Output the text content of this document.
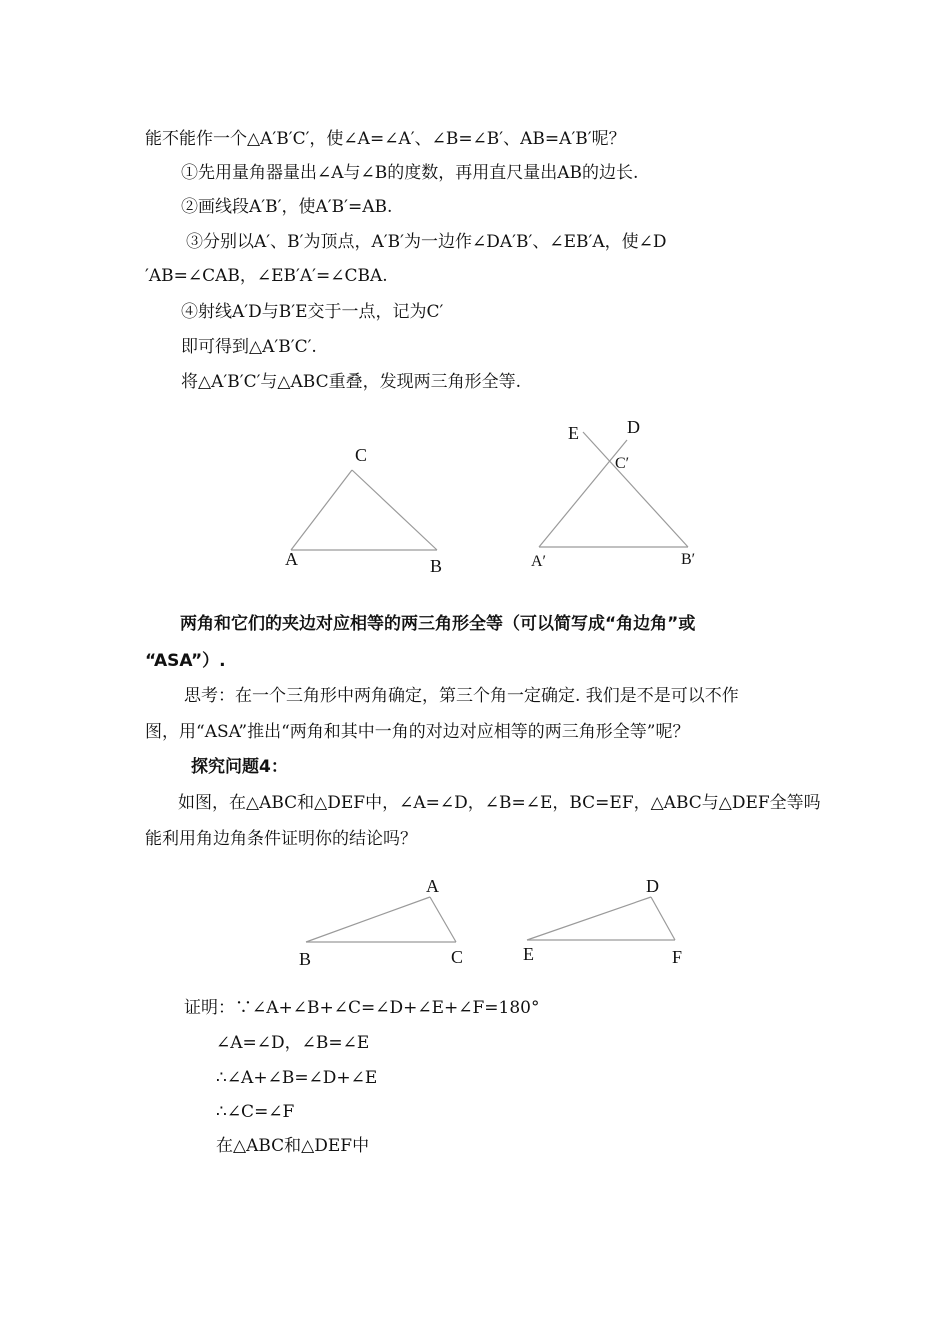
能不能作一个△A′B′C′，使∠A=∠A′、∠B=∠B′、AB=A′B′呢？
①先用量角器量出∠A与∠B的度数，再用直尺量出AB的边长.
②画线段A′B′，使A′B′=AB.
③分别以A′、B′为顶点，A′B′为一边作∠DA′B′、∠EB′A，使∠D
′AB=∠CAB，∠EB′A′=∠CBA.
④射线A′D与B′E交于一点，记为C′
即可得到△A′B′C′.
将△A′B′C′与△ABC重叠，发现两三角形全等.
C
A	B
E	D
C′
A′	B′
A
B	C
D
E	F
两角和它们的夹边对应相等的两三角形全等（可以简写成“角边角”或
“ASA”）.
思考：在一个三角形中两角确定，第三个角一定确定. 我们是不是可以不作
图，用“ASA”推出“两角和其中一角的对边对应相等的两三角形全等”呢？
探究问题4：
如图，在△ABC和△DEF中，∠A=∠D，∠B=∠E，BC=EF，△ABC与△DEF全等吗
能利用角边角条件证明你的结论吗？
证明：∵∠A+∠B+∠C=∠D+∠E+∠F=180°
∠A=∠D，∠B=∠E
∴∠A+∠B=∠D+∠E
∴∠C=∠F
在△ABC和△DEF中
